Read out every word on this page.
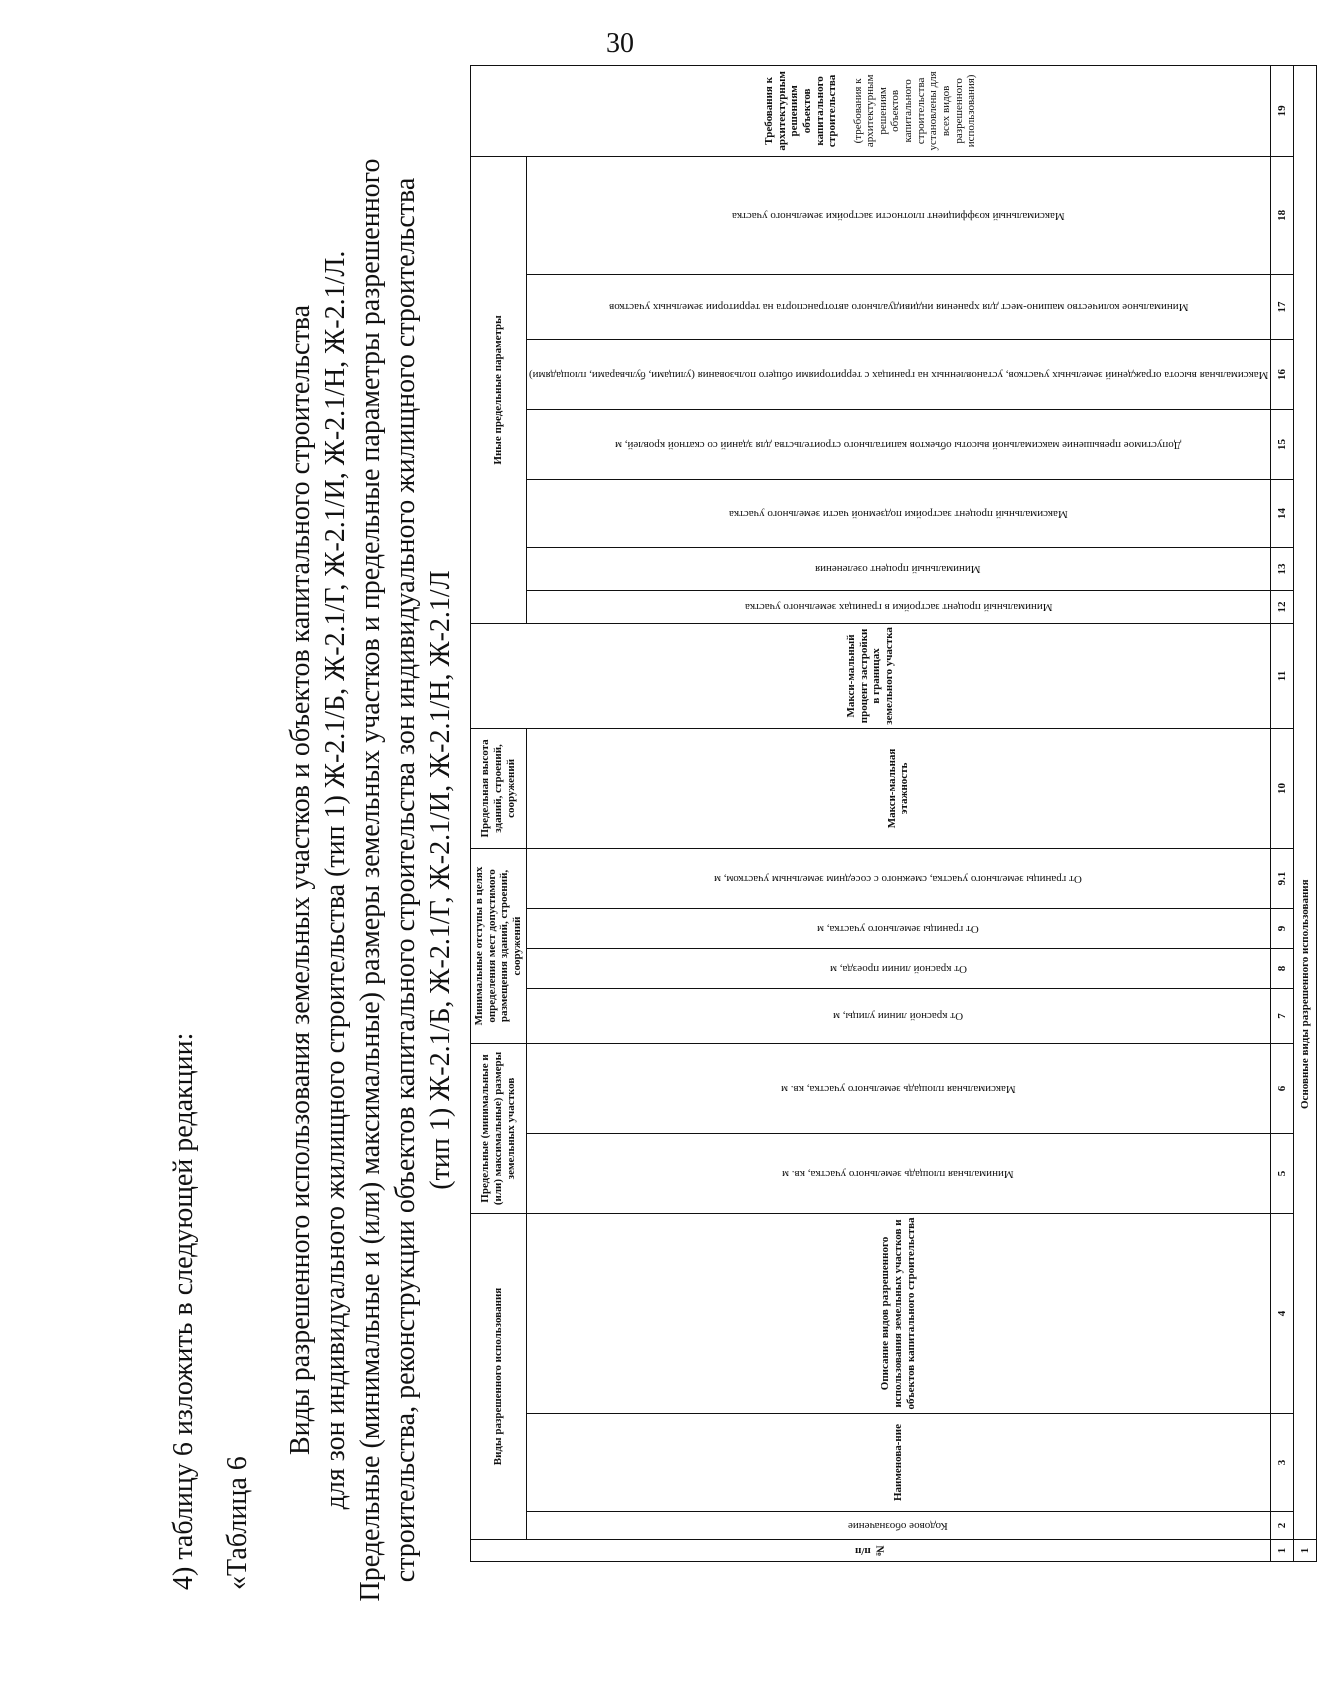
30
4) таблицу 6 изложить в следующей редакции: «Таблица 6
Виды разрешенного использования земельных участков и объектов капитального строительства для зон индивидуального жилищного строительства (тип 1) Ж-2.1/Б, Ж-2.1/Г, Ж-2.1/И, Ж-2.1/Н, Ж-2.1/Л. Предельные (минимальные и (или) максимальные) размеры земельных участков и предельные параметры разрешенного строительства, реконструкции объектов капитального строительства зон индивидуального жилищного строительства (тип 1) Ж-2.1/Б, Ж-2.1/Г, Ж-2.1/И, Ж-2.1/Н, Ж-2.1/Л
№ п/п	Виды разрешенного использования			Предельные (минимальные и (или) максимальные) размеры земельных участков		Минимальные отступы в целях определения мест допустимого размещения зданий, строений, сооружений				Предельная высота зданий, строений, сооружений	Макси-мальный процент застройки в границах земельного участка	Иные предельные параметры							Требования к архитектурным решениям объектов капитального строительства (требования к архитектурным решениям объектов капитального строительства установлены для всех видов разрешенного использования)

	Кодовое обозначение	Наименова-ние	Описание видов разрешенного использования земельных участков и объектов капитального строительства	Минимальная площадь земельного участка, кв. м	Максимальная площадь земельного участка, кв. м	От красной линии улицы, м	От красной линии проезда, м	От границы земельного участка, м	От границы земельного участка, смежного с соседним земельным участком, м	Макси-мальная этажность		Минимальный процент застройки в границах земельного участка	Минимальный процент озеленения	Максимальный процент застройки подземной части земельного участка	Допустимое превышение максимальной высоты объектов капитального строительства для зданий со скатной кровлей, м	Максимальная высота ограждений земельных участков, установленных на границах с территориями общего пользования (улицами, бульварами, площадями)	Минимальное количество машино-мест для хранения индивидуального автотранспорта на территории земельных участков	Максимальный коэффициент плотности застройки земельного участка	

1	2	3	4	5	6	7	8	9	9.1	10	11	12	13	14	15	16	17	18	19
1	Основные виды разрешенного использования																		
